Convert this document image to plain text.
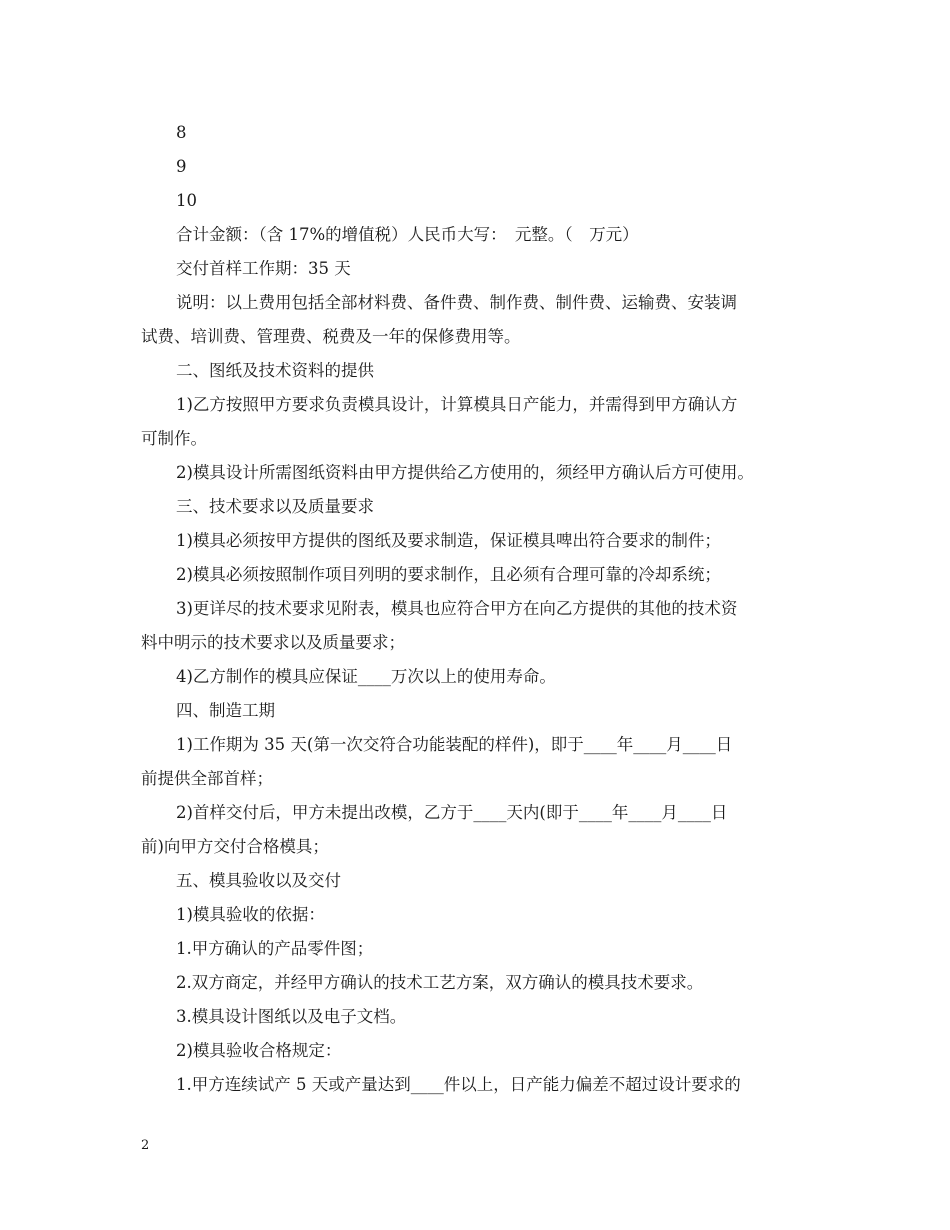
8
9
10
合计金额：（含 17%的增值税）人民币大写：　元整。（　万元）
交付首样工作期：35 天
说明：以上费用包括全部材料费、备件费、制作费、制件费、运输费、安装调
试费、培训费、管理费、税费及一年的保修费用等。
二、图纸及技术资料的提供
1)乙方按照甲方要求负责模具设计，计算模具日产能力，并需得到甲方确认方
可制作。
2)模具设计所需图纸资料由甲方提供给乙方使用的，须经甲方确认后方可使用。
三、技术要求以及质量要求
1)模具必须按甲方提供的图纸及要求制造，保证模具啤出符合要求的制件；
2)模具必须按照制作项目列明的要求制作，且必须有合理可靠的冷却系统；
3)更详尽的技术要求见附表，模具也应符合甲方在向乙方提供的其他的技术资
料中明示的技术要求以及质量要求；
4)乙方制作的模具应保证____万次以上的使用寿命。
四、制造工期
1)工作期为 35 天(第一次交符合功能装配的样件)，即于____年____月____日
前提供全部首样；
2)首样交付后，甲方未提出改模，乙方于____天内(即于____年____月____日
前)向甲方交付合格模具；
五、模具验收以及交付
1)模具验收的依据：
1.甲方确认的产品零件图；
2.双方商定，并经甲方确认的技术工艺方案，双方确认的模具技术要求。
3.模具设计图纸以及电子文档。
2)模具验收合格规定：
1.甲方连续试产 5 天或产量达到____件以上，日产能力偏差不超过设计要求的
2
